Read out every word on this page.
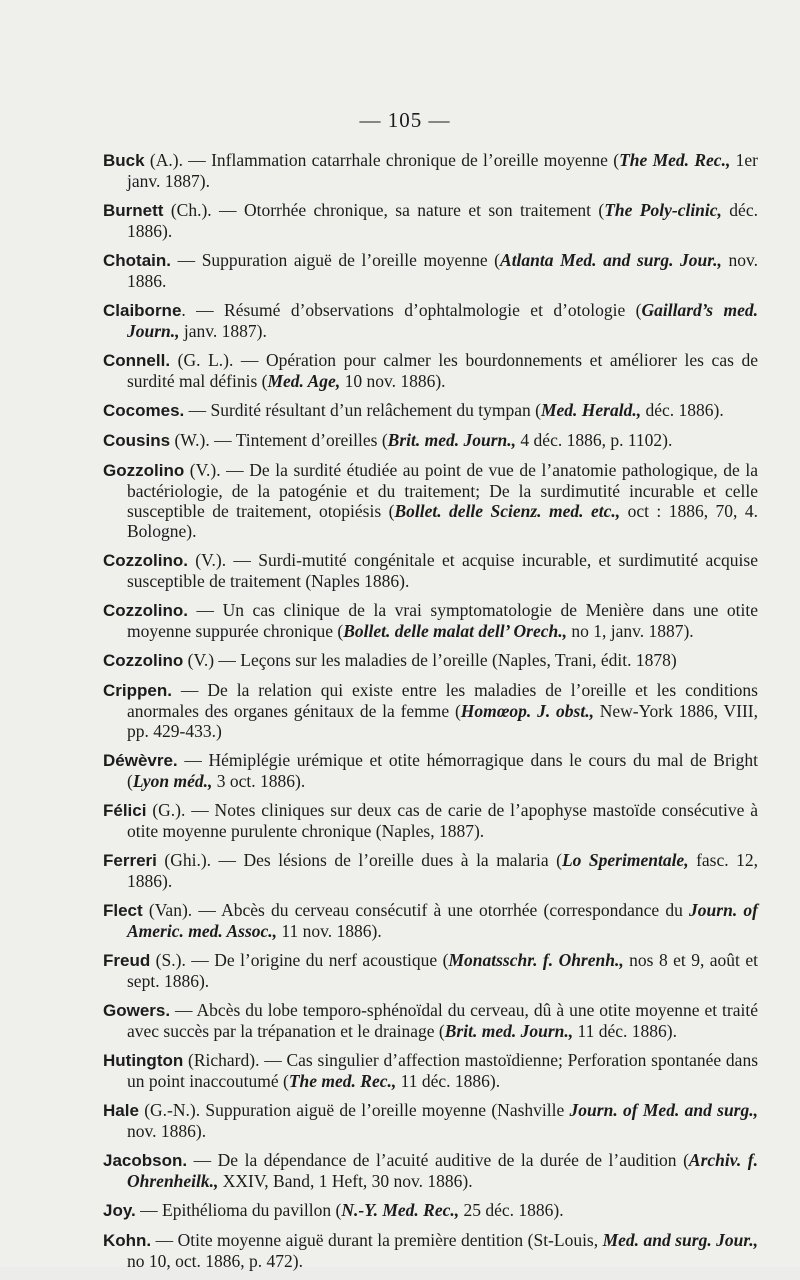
— 105 —
Buck (A.). — Inflammation catarrhale chronique de l’oreille moyenne (The Med. Rec., 1er janv. 1887).
Burnett (Ch.). — Otorrhée chronique, sa nature et son traitement (The Poly-clinic, déc. 1886).
Chotain. — Suppuration aiguë de l’oreille moyenne (Atlanta Med. and surg. Jour., nov. 1886.
Claiborne. — Résumé d’observations d’ophtalmologie et d’otologie (Gaillard’s med. Journ., janv. 1887).
Connell. (G. L.). — Opération pour calmer les bourdonnements et améliorer les cas de surdité mal définis (Med. Age, 10 nov. 1886).
Cocomes. — Surdité résultant d’un relâchement du tympan (Med. Herald., déc. 1886).
Cousins (W.). — Tintement d’oreilles (Brit. med. Journ., 4 déc. 1886, p. 1102).
Gozzolino (V.). — De la surdité étudiée au point de vue de l’anatomie pathologique, de la bactériologie, de la patogénie et du traitement; De la surdimutité incurable et celle susceptible de traitement, otopiésis (Bollet. delle Scienz. med. etc., oct : 1886, 70, 4. Bologne).
Cozzolino. (V.). — Surdi-mutité congénitale et acquise incurable, et surdimutité acquise susceptible de traitement (Naples 1886).
Cozzolino. — Un cas clinique de la vrai symptomatologie de Menière dans une otite moyenne suppurée chronique (Bollet. delle malat dell’ Orech., no 1, janv. 1887).
Cozzolino (V.) — Leçons sur les maladies de l’oreille (Naples, Trani, édit. 1878)
Crippen. — De la relation qui existe entre les maladies de l’oreille et les conditions anormales des organes génitaux de la femme (Homœop. J. obst., New-York 1886, VIII, pp. 429-433.)
Déwèvre. — Hémiplégie urémique et otite hémorragique dans le cours du mal de Bright (Lyon méd., 3 oct. 1886).
Félici (G.). — Notes cliniques sur deux cas de carie de l’apophyse mastoïde consécutive à otite moyenne purulente chronique (Naples, 1887).
Ferreri (Ghi.). — Des lésions de l’oreille dues à la malaria (Lo Sperimentale, fasc. 12, 1886).
Flect (Van). — Abcès du cerveau consécutif à une otorrhée (correspondance du Journ. of Americ. med. Assoc., 11 nov. 1886).
Freud (S.). — De l’origine du nerf acoustique (Monatsschr. f. Ohrenh., nos 8 et 9, août et sept. 1886).
Gowers. — Abcès du lobe temporo-sphénoïdal du cerveau, dû à une otite moyenne et traité avec succès par la trépanation et le drainage (Brit. med. Journ., 11 déc. 1886).
Hutington (Richard). — Cas singulier d’affection mastoïdienne; Perforation spontanée dans un point inaccoutumé (The med. Rec., 11 déc. 1886).
Hale (G.-N.). Suppuration aiguë de l’oreille moyenne (Nashville Journ. of Med. and surg., nov. 1886).
Jacobson. — De la dépendance de l’acuité auditive de la durée de l’audition (Archiv. f. Ohrenheilk., XXIV, Band, 1 Heft, 30 nov. 1886).
Joy. — Epithélioma du pavillon (N.-Y. Med. Rec., 25 déc. 1886).
Kohn. — Otite moyenne aiguë durant la première dentition (St-Louis, Med. and surg. Jour., no 10, oct. 1886, p. 472).
